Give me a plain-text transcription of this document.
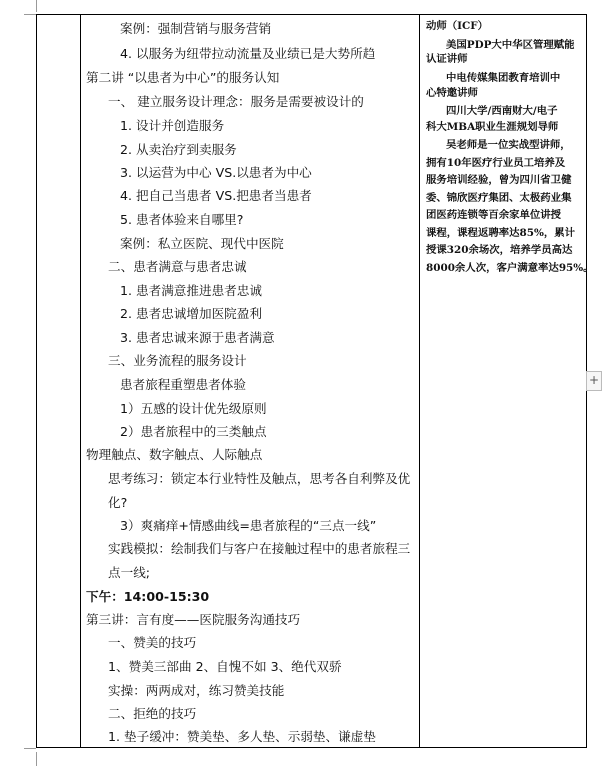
+
案例：强制营销与服务营销
4. 以服务为纽带拉动流量及业绩已是大势所趋
第二讲 “以患者为中心”的服务认知
一、 建立服务设计理念：服务是需要被设计的
1. 设计并创造服务
2. 从卖治疗到卖服务
3. 以运营为中心 VS.以患者为中心
4. 把自己当患者 VS.把患者当患者
5. 患者体验来自哪里?
案例：私立医院、现代中医院
二、患者满意与患者忠诚
1. 患者满意推进患者忠诚
2. 患者忠诚增加医院盈利
3. 患者忠诚来源于患者满意
三、业务流程的服务设计
患者旅程重塑患者体验
1）五感的设计优先级原则
2）患者旅程中的三类触点
物理触点、数字触点、人际触点
思考练习：锁定本行业特性及触点，思考各自利弊及优
化?
3）爽痛痒+情感曲线=患者旅程的“三点一线”
实践模拟：绘制我们与客户在接触过程中的患者旅程三
点一线;
下午：14:00-15:30
第三讲：言有度——医院服务沟通技巧
一、赞美的技巧
1、赞美三部曲 2、自愧不如 3、绝代双骄
实操：两两成对，练习赞美技能
二、拒绝的技巧
1. 垫子缓冲：赞美垫、多人垫、示弱垫、谦虚垫
动师（ICF）
美国PDP大中华区管理赋能
认证讲师
中电传媒集团教育培训中
心特邀讲师
四川大学/西南财大/电子
科大MBA职业生涯规划导师
吴老师是一位实战型讲师，
拥有10年医疗行业员工培养及
服务培训经验，曾为四川省卫健
委、锦欣医疗集团、太极药业集
团医药连锁等百余家单位讲授
课程，课程返聘率达85%，累计
授课320余场次，培养学员高达
8000余人次，客户满意率达95%。
